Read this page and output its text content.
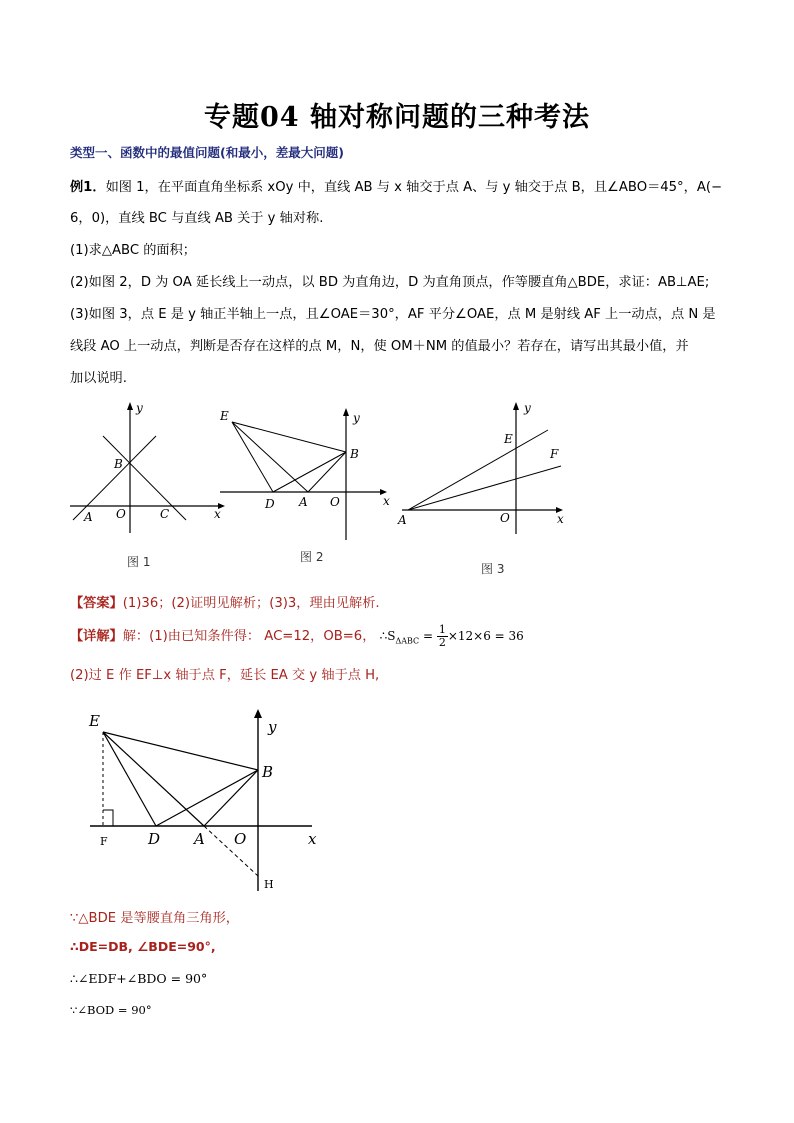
专题04 轴对称问题的三种考法
类型一、函数中的最值问题(和最小，差最大问题)
例1．如图 1，在平面直角坐标系 xOy 中，直线 AB 与 x 轴交于点 A、与 y 轴交于点 B，且∠ABO＝45°，A(−
6，0)，直线 BC 与直线 AB 关于 y 轴对称.
(1)求△ABC 的面积；
(2)如图 2，D 为 OA 延长线上一动点，以 BD 为直角边，D 为直角顶点，作等腰直角△BDE，求证：AB⊥AE;
(3)如图 3，点 E 是 y 轴正半轴上一点，且∠OAE＝30°，AF 平分∠OAE，点 M 是射线 AF 上一动点，点 N 是
线段 AO 上一动点，判断是否存在这样的点 M，N，使 OM＋NM 的值最小？若存在，请写出其最小值，并
加以说明.
y
x
B
A O	C
图 1
y
x
E
B
D A O
图 2
y
x
E
F
A	O
图 3
【答案】(1)36；(2)证明见解析；(3)3，理由见解析.
【详解】解：(1)由已知条件得： AC=12，OB=6， $\therefore S_{\Delta ABC} = \frac{1}{2} \times 12\times 6 = 36$
(2)过 E 作 EF⊥x 轴于点 F，延长 EA 交 y 轴于点 H,
y
x
E
B
D A O
F
H
∵△BDE 是等腰直角三角形，
∴DE=DB, ∠BDE=90°,
∴∠EDF+∠BDO = 90°
∵∠BOD = 90°
